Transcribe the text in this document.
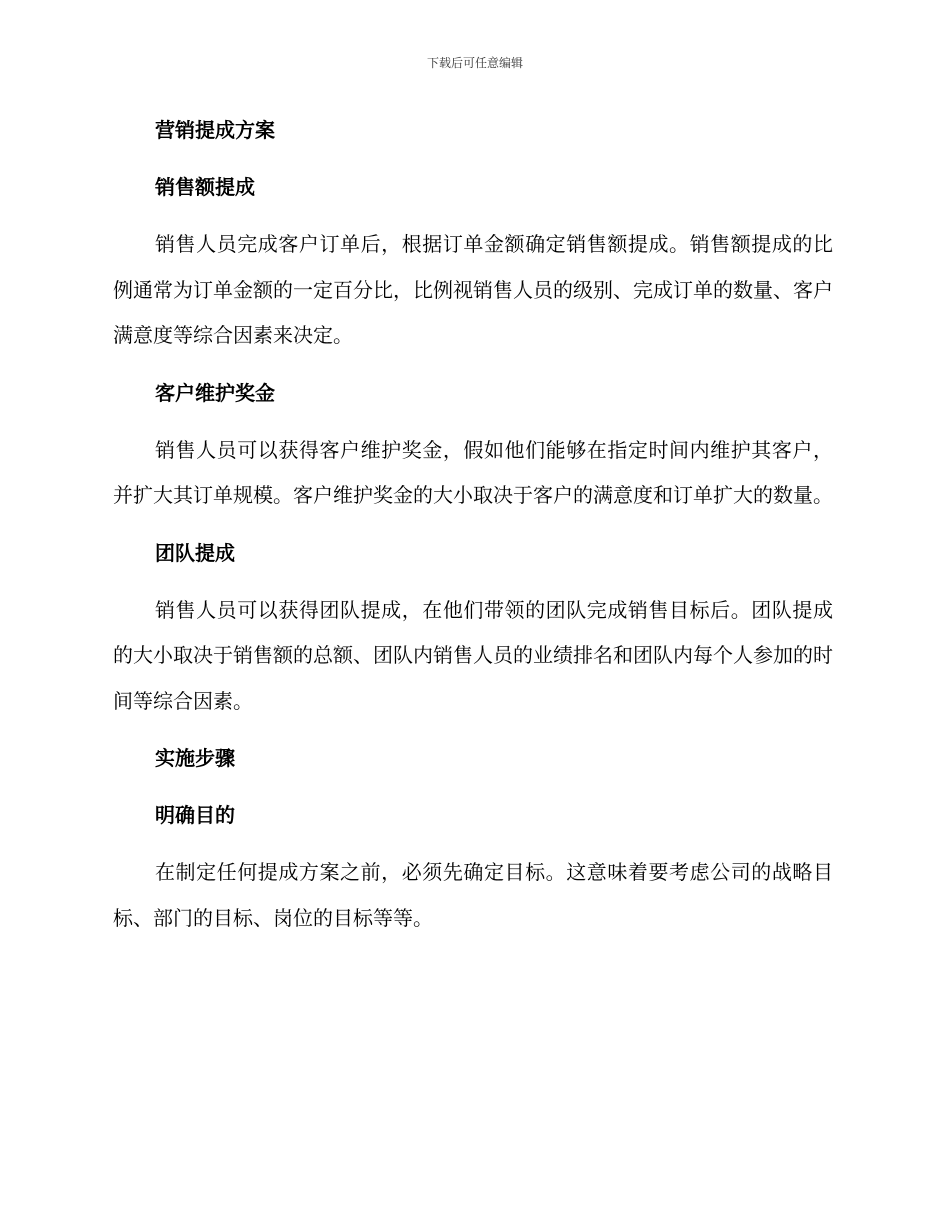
下载后可任意编辑
营销提成方案
销售额提成

销售人员完成客户订单后，根据订单金额确定销售额提成。销售额提成的比例通常为订单金额的一定百分比，比例视销售人员的级别、完成订单的数量、客户满意度等综合因素来决定。

客户维护奖金

销售人员可以获得客户维护奖金，假如他们能够在指定时间内维护其客户，并扩大其订单规模。客户维护奖金的大小取决于客户的满意度和订单扩大的数量。

团队提成

销售人员可以获得团队提成，在他们带领的团队完成销售目标后。团队提成的大小取决于销售额的总额、团队内销售人员的业绩排名和团队内每个人参加的时间等综合因素。

实施步骤
明确目的

在制定任何提成方案之前，必须先确定目标。这意味着要考虑公司的战略目标、部门的目标、岗位的目标等等。
